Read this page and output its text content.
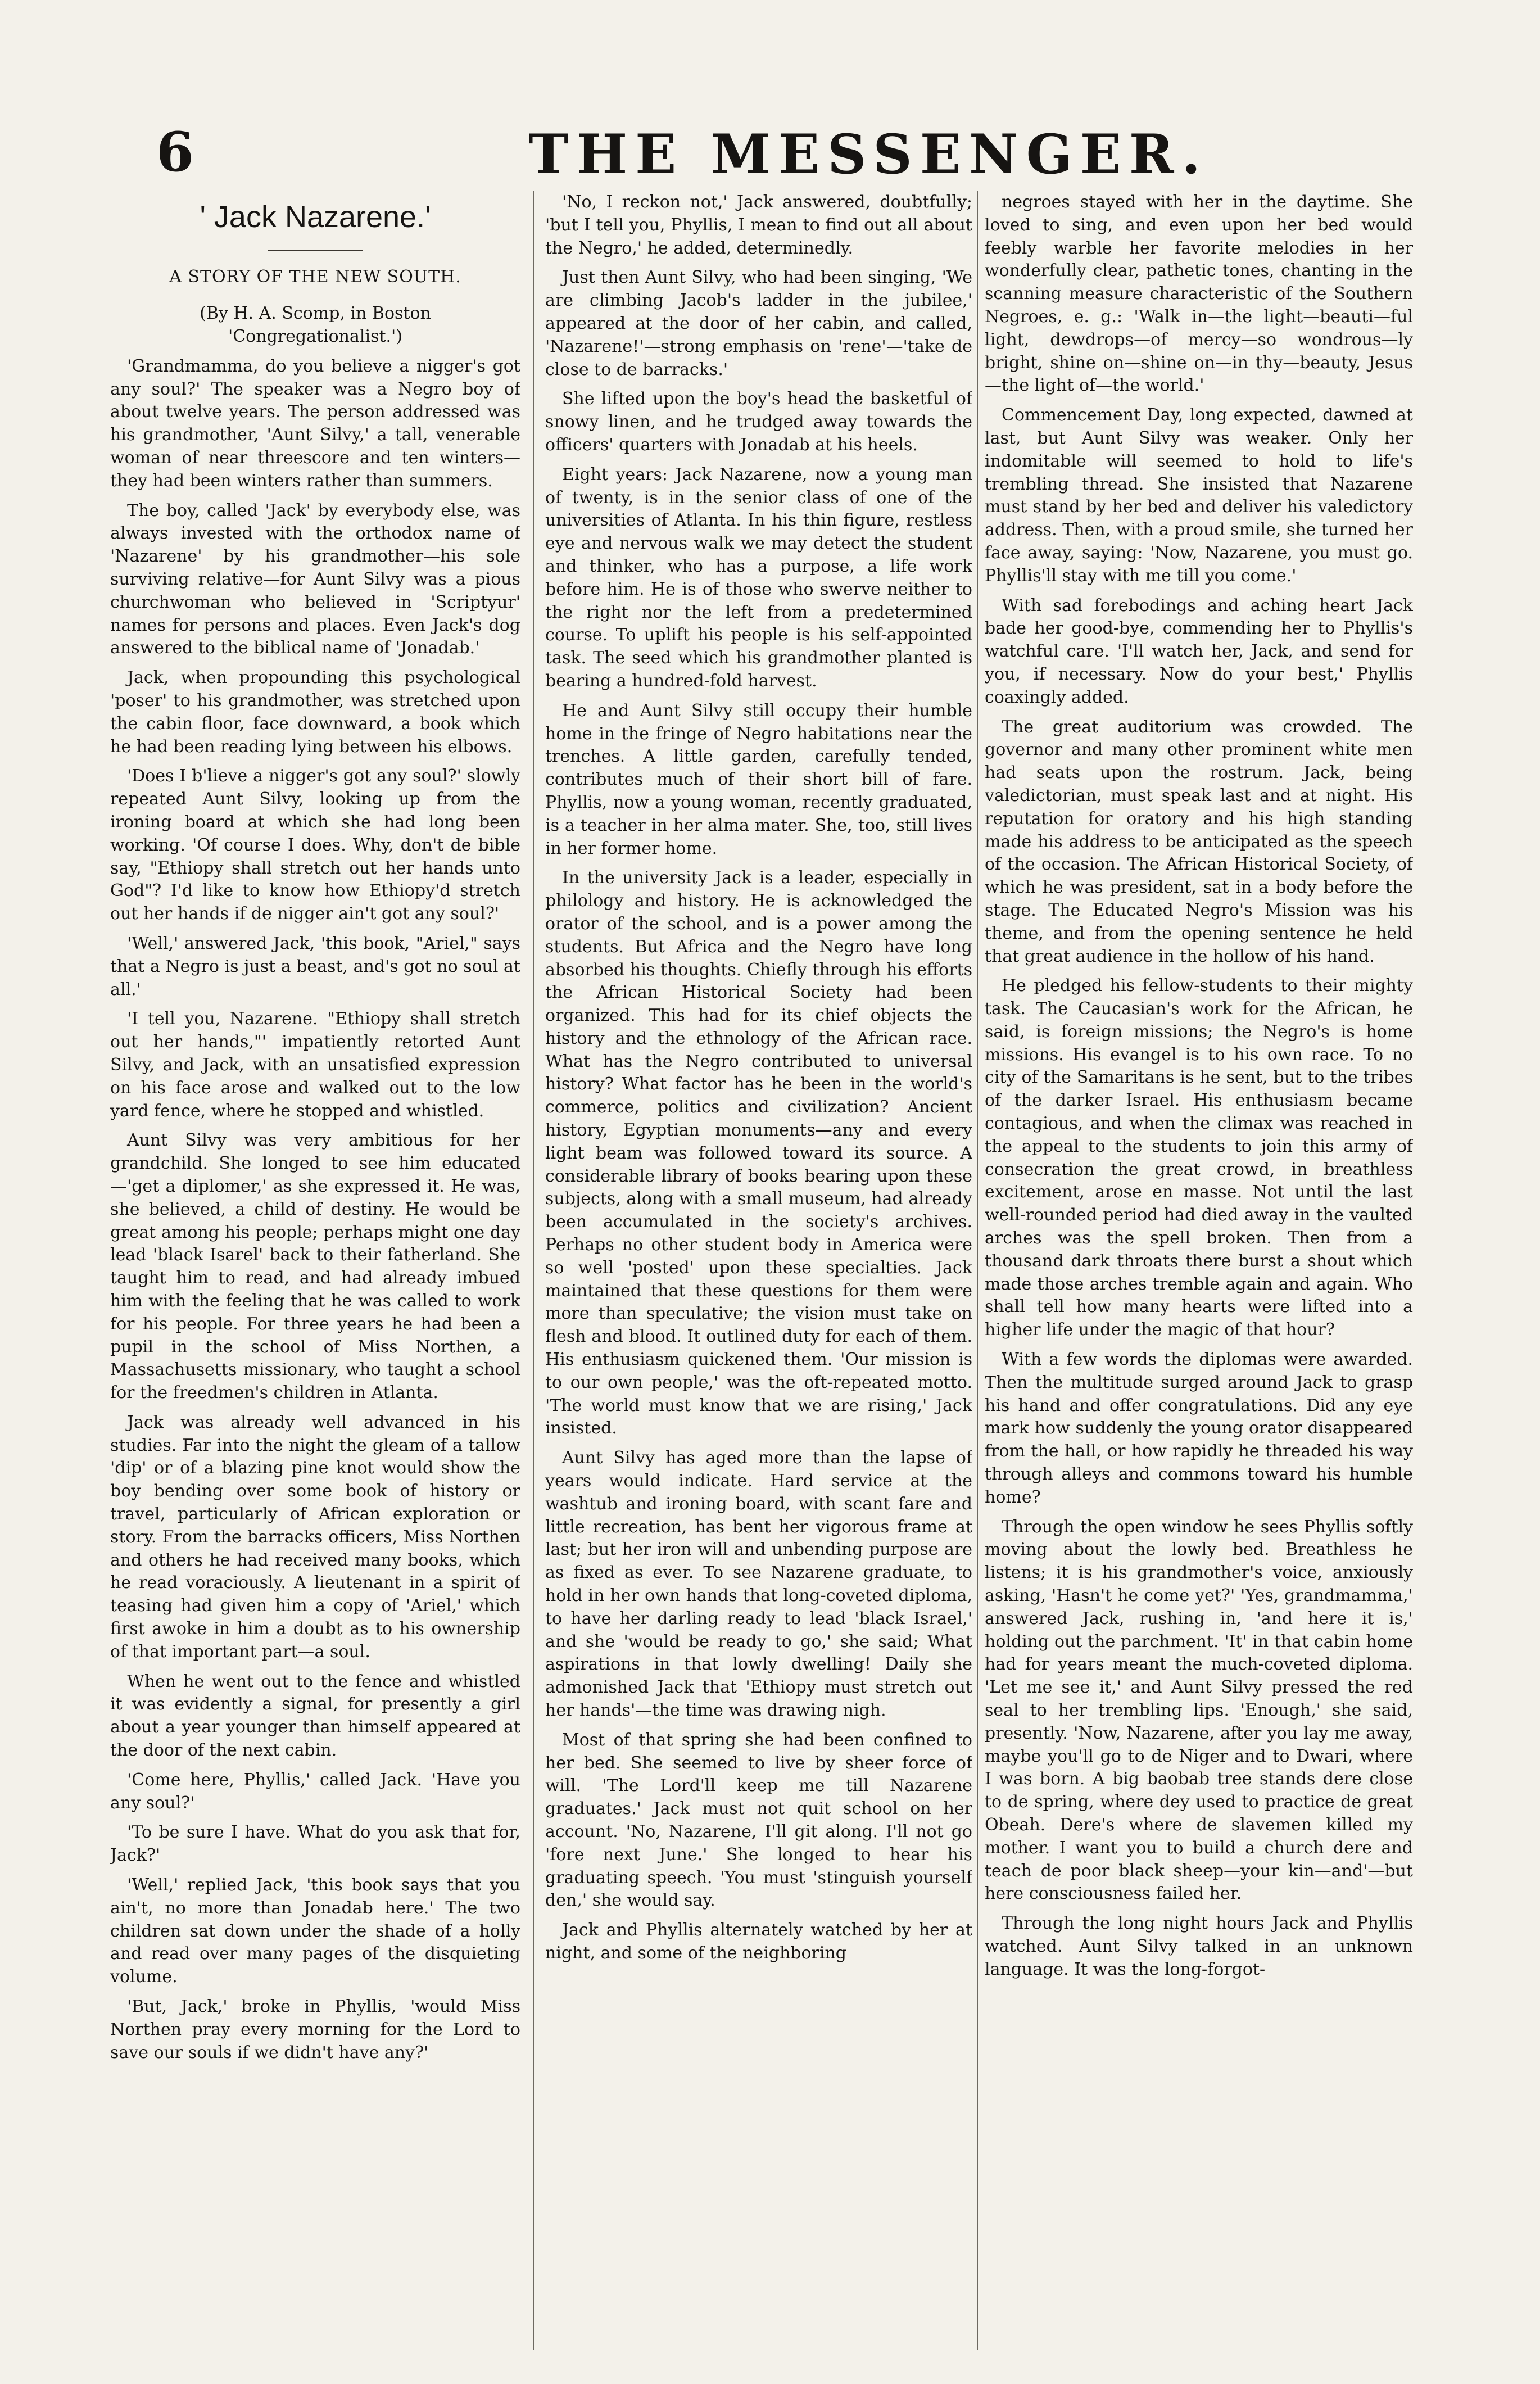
6	THE MESSENGER.
' Jack Nazarene.'
A STORY OF THE NEW SOUTH.
(By H. A. Scomp, in Boston 'Congregationalist.')

'Grandmamma, do you believe a nigger's got any soul?' The speaker was a Negro boy of about twelve years. The person addressed was his grandmother, 'Aunt Silvy,' a tall, venerable woman of near threescore and ten winters—they had been winters rather than summers.

The boy, called 'Jack' by everybody else, was always invested with the orthodox name of 'Nazarene' by his grandmother—his sole surviving relative—for Aunt Silvy was a pious churchwoman who believed in 'Scriptyur' names for persons and places. Even Jack's dog answered to the biblical name of 'Jonadab.'

Jack, when propounding this psychological 'poser' to his grandmother, was stretched upon the cabin floor, face downward, a book which he had been reading lying between his elbows.

'Does I b'lieve a nigger's got any soul?' slowly repeated Aunt Silvy, looking up from the ironing board at which she had long been working. 'Of course I does. Why, don't de bible say, "Ethiopy shall stretch out her hands unto God"? I'd like to know how Ethiopy'd stretch out her hands if de nigger ain't got any soul?'

'Well,' answered Jack, 'this book, "Ariel," says that a Negro is just a beast, and's got no soul at all.'

'I tell you, Nazarene. "Ethiopy shall stretch out her hands,"' impatiently retorted Aunt Silvy, and Jack, with an unsatisfied expression on his face arose and walked out to the low yard fence, where he stopped and whistled.

Aunt Silvy was very ambitious for her grandchild. She longed to see him educated—'get a diplomer,' as she expressed it. He was, she believed, a child of destiny. He would be great among his people; perhaps might one day lead 'black Isarel' back to their fatherland. She taught him to read, and had already imbued him with the feeling that he was called to work for his people. For three years he had been a pupil in the school of Miss Northen, a Massachusetts missionary, who taught a school for the freedmen's children in Atlanta.

Jack was already well advanced in his studies. Far into the night the gleam of a tallow 'dip' or of a blazing pine knot would show the boy bending over some book of history or travel, particularly of African exploration or story. From the barracks officers, Miss Northen and others he had received many books, which he read voraciously. A lieutenant in a spirit of teasing had given him a copy of 'Ariel,' which first awoke in him a doubt as to his ownership of that important part—a soul.

When he went out to the fence and whistled it was evidently a signal, for presently a girl about a year younger than himself appeared at the door of the next cabin.

'Come here, Phyllis,' called Jack. 'Have you any soul?'

'To be sure I have. What do you ask that for, Jack?'

'Well,' replied Jack, 'this book says that you ain't, no more than Jonadab here.' The two children sat down under the shade of a holly and read over many pages of the disquieting volume.

'But, Jack,' broke in Phyllis, 'would Miss Northen pray every morning for the Lord to save our souls if we didn't have any?'

'No, I reckon not,' Jack answered, doubtfully; 'but I tell you, Phyllis, I mean to find out all about the Negro,' he added, determinedly.

Just then Aunt Silvy, who had been singing, 'We are climbing Jacob's ladder in the jubilee,' appeared at the door of her cabin, and called, 'Nazarene!'—strong emphasis on 'rene'—'take de close to de barracks.'

She lifted upon the boy's head the basketful of snowy linen, and he trudged away towards the officers' quarters with Jonadab at his heels.

Eight years: Jack Nazarene, now a young man of twenty, is in the senior class of one of the universities of Atlanta. In his thin figure, restless eye and nervous walk we may detect the student and thinker, who has a purpose, a life work before him. He is of those who swerve neither to the right nor the left from a predetermined course. To uplift his people is his self-appointed task. The seed which his grandmother planted is bearing a hundred-fold harvest.

He and Aunt Silvy still occupy their humble home in the fringe of Negro habitations near the trenches. A little garden, carefully tended, contributes much of their short bill of fare. Phyllis, now a young woman, recently graduated, is a teacher in her alma mater. She, too, still lives in her former home.

In the university Jack is a leader, especially in philology and history. He is acknowledged the orator of the school, and is a power among the students. But Africa and the Negro have long absorbed his thoughts. Chiefly through his efforts the African Historical Society had been organized. This had for its chief objects the history and the ethnology of the African race. What has the Negro contributed to universal history? What factor has he been in the world's commerce, politics and civilization? Ancient history, Egyptian monuments—any and every light beam was followed toward its source. A considerable library of books bearing upon these subjects, along with a small museum, had already been accumulated in the society's archives. Perhaps no other student body in America were so well 'posted' upon these specialties. Jack maintained that these questions for them were more than speculative; the vision must take on flesh and blood. It outlined duty for each of them. His enthusiasm quickened them. 'Our mission is to our own people,' was the oft-repeated motto. 'The world must know that we are rising,' Jack insisted.

Aunt Silvy has aged more than the lapse of years would indicate. Hard service at the washtub and ironing board, with scant fare and little recreation, has bent her vigorous frame at last; but her iron will and unbending purpose are as fixed as ever. To see Nazarene graduate, to hold in her own hands that long-coveted diploma, to have her darling ready to lead 'black Israel,' and she 'would be ready to go,' she said; What aspirations in that lowly dwelling! Daily she admonished Jack that 'Ethiopy must stretch out her hands'—the time was drawing nigh.

Most of that spring she had been confined to her bed. She seemed to live by sheer force of will. 'The Lord'll keep me till Nazarene graduates.' Jack must not quit school on her account. 'No, Nazarene, I'll git along. I'll not go 'fore next June.' She longed to hear his graduating speech. 'You must 'stinguish yourself den,' she would say.

Jack and Phyllis alternately watched by her at night, and some of the neighboring

negroes stayed with her in the daytime. She loved to sing, and even upon her bed would feebly warble her favorite melodies in her wonderfully clear, pathetic tones, chanting in the scanning measure characteristic of the Southern Negroes, e. g.: 'Walk in—the light—beauti—ful light, dewdrops—of mercy—so wondrous—ly bright, shine on—shine on—in thy—beauty, Jesus—the light of—the world.'

Commencement Day, long expected, dawned at last, but Aunt Silvy was weaker. Only her indomitable will seemed to hold to life's trembling thread. She insisted that Nazarene must stand by her bed and deliver his valedictory address. Then, with a proud smile, she turned her face away, saying: 'Now, Nazarene, you must go. Phyllis'll stay with me till you come.'

With sad forebodings and aching heart Jack bade her good-bye, commending her to Phyllis's watchful care. 'I'll watch her, Jack, and send for you, if necessary. Now do your best,' Phyllis coaxingly added.

The great auditorium was crowded. The governor and many other prominent white men had seats upon the rostrum. Jack, being valedictorian, must speak last and at night. His reputation for oratory and his high standing made his address to be anticipated as the speech of the occasion. The African Historical Society, of which he was president, sat in a body before the stage. The Educated Negro's Mission was his theme, and from the opening sentence he held that great audience in the hollow of his hand.

He pledged his fellow-students to their mighty task. The Caucasian's work for the African, he said, is foreign missions; the Negro's is home missions. His evangel is to his own race. To no city of the Samaritans is he sent, but to the tribes of the darker Israel. His enthusiasm became contagious, and when the climax was reached in the appeal to the students to join this army of consecration the great crowd, in breathless excitement, arose en masse. Not until the last well-rounded period had died away in the vaulted arches was the spell broken. Then from a thousand dark throats there burst a shout which made those arches tremble again and again. Who shall tell how many hearts were lifted into a higher life under the magic of that hour?

With a few words the diplomas were awarded. Then the multitude surged around Jack to grasp his hand and offer congratulations. Did any eye mark how suddenly the young orator disappeared from the hall, or how rapidly he threaded his way through alleys and commons toward his humble home?

Through the open window he sees Phyllis softly moving about the lowly bed. Breathless he listens; it is his grandmother's voice, anxiously asking, 'Hasn't he come yet?' 'Yes, grandmamma,' answered Jack, rushing in, 'and here it is,' holding out the parchment. 'It' in that cabin home had for years meant the much-coveted diploma. 'Let me see it,' and Aunt Silvy pressed the red seal to her trembling lips. 'Enough,' she said, presently. 'Now, Nazarene, after you lay me away, maybe you'll go to de Niger and to Dwari, where I was born. A big baobab tree stands dere close to de spring, where dey used to practice de great Obeah. Dere's where de slavemen killed my mother. I want you to build a church dere and teach de poor black sheep—your kin—and'—but here consciousness failed her.

Through the long night hours Jack and Phyllis watched. Aunt Silvy talked in an unknown language. It was the long-forgot-
